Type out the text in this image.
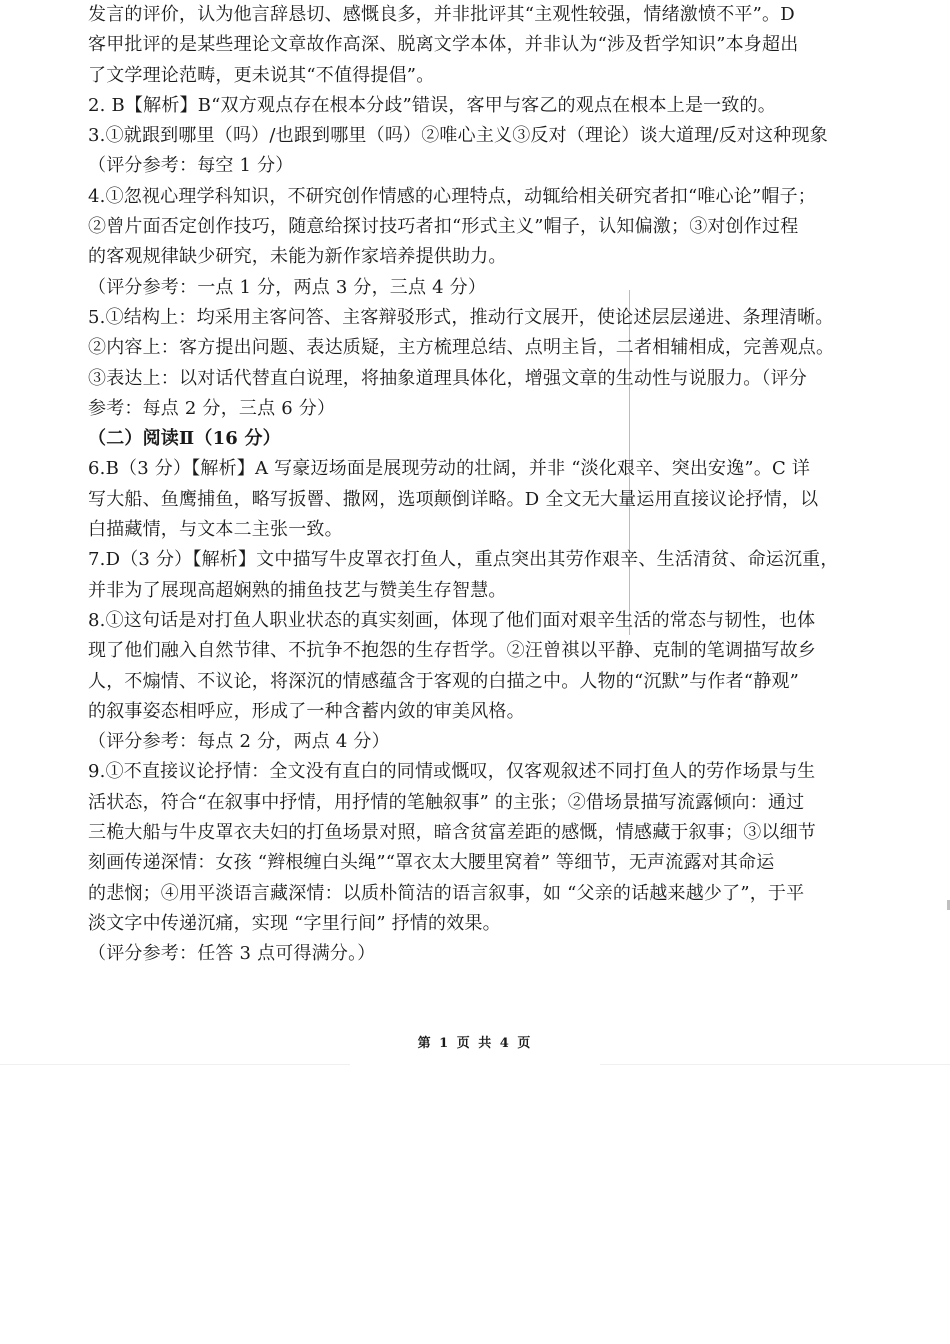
发言的评价，认为他言辞恳切、感慨良多，并非批评其“主观性较强，情绪激愤不平”。D
客甲批评的是某些理论文章故作高深、脱离文学本体，并非认为“涉及哲学知识”本身超出
了文学理论范畴，更未说其“不值得提倡”。
2. B【解析】B“双方观点存在根本分歧”错误，客甲与客乙的观点在根本上是一致的。
3.①就跟到哪里（吗）/也跟到哪里（吗）②唯心主义③反对（理论）谈大道理/反对这种现象
（评分参考：每空 1 分）
4.①忽视心理学科知识，不研究创作情感的心理特点，动辄给相关研究者扣“唯心论”帽子；
②曾片面否定创作技巧，随意给探讨技巧者扣“形式主义”帽子，认知偏激；③对创作过程
的客观规律缺少研究，未能为新作家培养提供助力。
（评分参考：一点 1 分，两点 3 分，三点 4 分）
5.①结构上：均采用主客问答、主客辩驳形式，推动行文展开，使论述层层递进、条理清晰。
②内容上：客方提出问题、表达质疑，主方梳理总结、点明主旨，二者相辅相成，完善观点。
③表达上：以对话代替直白说理，将抽象道理具体化，增强文章的生动性与说服力。（评分
参考：每点 2 分，三点 6 分）
（二）阅读Ⅱ（16 分）
6.B（3 分）【解析】A 写豪迈场面是展现劳动的壮阔，并非 “淡化艰辛、突出安逸”。C 详
写大船、鱼鹰捕鱼，略写扳罾、撒网，选项颠倒详略。D 全文无大量运用直接议论抒情，以
白描藏情，与文本二主张一致。
7.D（3 分）【解析】文中描写牛皮罩衣打鱼人，重点突出其劳作艰辛、生活清贫、命运沉重，
并非为了展现高超娴熟的捕鱼技艺与赞美生存智慧。
8.①这句话是对打鱼人职业状态的真实刻画，体现了他们面对艰辛生活的常态与韧性，也体
现了他们融入自然节律、不抗争不抱怨的生存哲学。②汪曾祺以平静、克制的笔调描写故乡
人，不煽情、不议论，将深沉的情感蕴含于客观的白描之中。人物的“沉默”与作者“静观”
的叙事姿态相呼应，形成了一种含蓄内敛的审美风格。
（评分参考：每点 2 分，两点 4 分）
9.①不直接议论抒情：全文没有直白的同情或慨叹，仅客观叙述不同打鱼人的劳作场景与生
活状态，符合“在叙事中抒情，用抒情的笔触叙事” 的主张；②借场景描写流露倾向：通过
三桅大船与牛皮罩衣夫妇的打鱼场景对照，暗含贫富差距的感慨，情感藏于叙事；③以细节
刻画传递深情：女孩 “辫根缠白头绳”“罩衣太大腰里窝着” 等细节，无声流露对其命运
的悲悯；④用平淡语言藏深情：以质朴简洁的语言叙事，如 “父亲的话越来越少了”，于平
淡文字中传递沉痛，实现 “字里行间” 抒情的效果。
（评分参考：任答 3 点可得满分。）
第 1 页 共 4 页
